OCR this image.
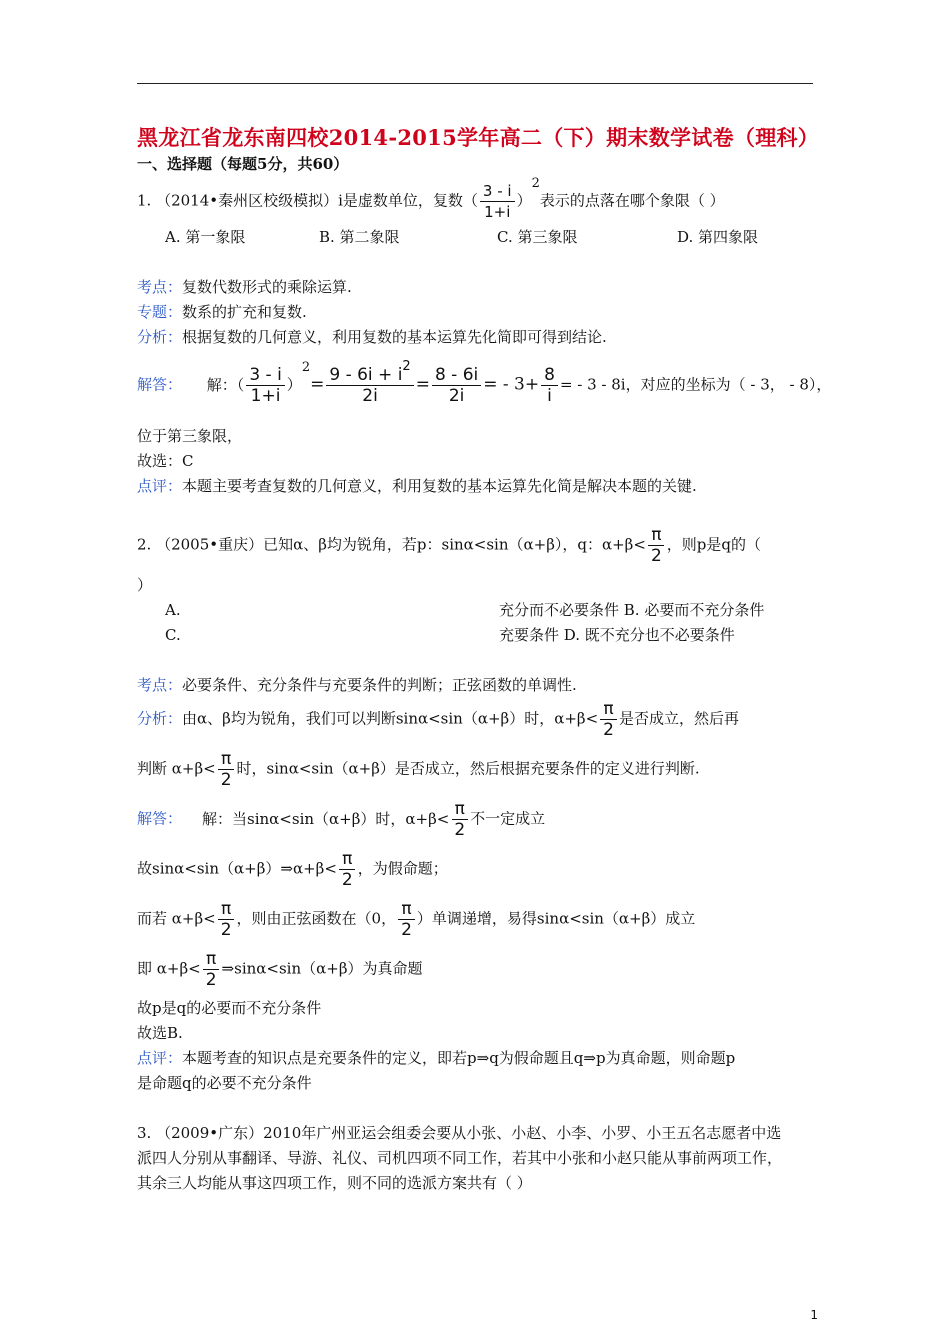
黑龙江省龙东南四校2014-2015学年高二（下）期末数学试卷（理科）
一、选择题（每题5分，共60）
1. （2014•秦州区校级模拟）i是虚数单位，复数（ $\frac{3 - i}{1+i} )2$表示的点落在哪个象限（ ）
A. 第一象限	B. 第二象限	C. 第三象限	D. 第四象限
考点：复数代数形式的乘除运算.
专题：数系的扩充和复数.
分析：根据复数的几何意义，利用复数的基本运算先化简即可得到结论.
解答： 解：（ $\frac{3 - i}{1+i} )2= \frac{9 - 6i + i^2}{2i} = \frac{8 - 6i}{2i}$ = - $3+ \frac{8}{i}$ = - 3 - 8i，对应的坐标为（ - 3， - 8），
位于第三象限，
故选：C
点评：本题主要考查复数的几何意义，利用复数的基本运算先化简是解决本题的关键.
2. （2005•重庆）已知α、β均为锐角，若p：sinα<sin（α+β），q：$\alpha+\beta< \frac{\pi}{2}$ ，则p是q的（
）
A.	充分而不必要条件 B. 必要而不充分条件
C.	充要条件 D. 既不充分也不必要条件
考点：必要条件、充分条件与充要条件的判断；正弦函数的单调性.
分析：由α、β均为锐角，我们可以判断sinα<sin（α+β）时，$\alpha+\beta< \frac{\pi}{2}$ 是否成立，然后再
判断 $\alpha+\beta< \frac{\pi}{2}$ 时，sinα<sin（α+β）是否成立，然后根据充要条件的定义进行判断.
解答： 解：当sinα<sin（α+β）时，$\alpha+\beta< \frac{\pi}{2}$ 不一定成立
故sinα<sin（α+β）⇒α+β< $\frac{\pi}{2}$ ，为假命题；
而若 $\alpha+\beta< \frac{\pi}{2}$ ，则由正弦函数在（0， $\frac{\pi}{2}$ ）单调递增，易得sinα<sin（α+β）成立
即 $\alpha+\beta< \frac{\pi}{2}$ ⇒sinα<sin（α+β）为真命题
故p是q的必要而不充分条件
故选B.
点评：本题考查的知识点是充要条件的定义，即若p⇒q为假命题且q⇒p为真命题，则命题p
是命题q的必要不充分条件
3. （2009•广东）2010年广州亚运会组委会要从小张、小赵、小李、小罗、小王五名志愿者中选
派四人分别从事翻译、导游、礼仪、司机四项不同工作，若其中小张和小赵只能从事前两项工作，
其余三人均能从事这四项工作，则不同的选派方案共有（ ）
1
